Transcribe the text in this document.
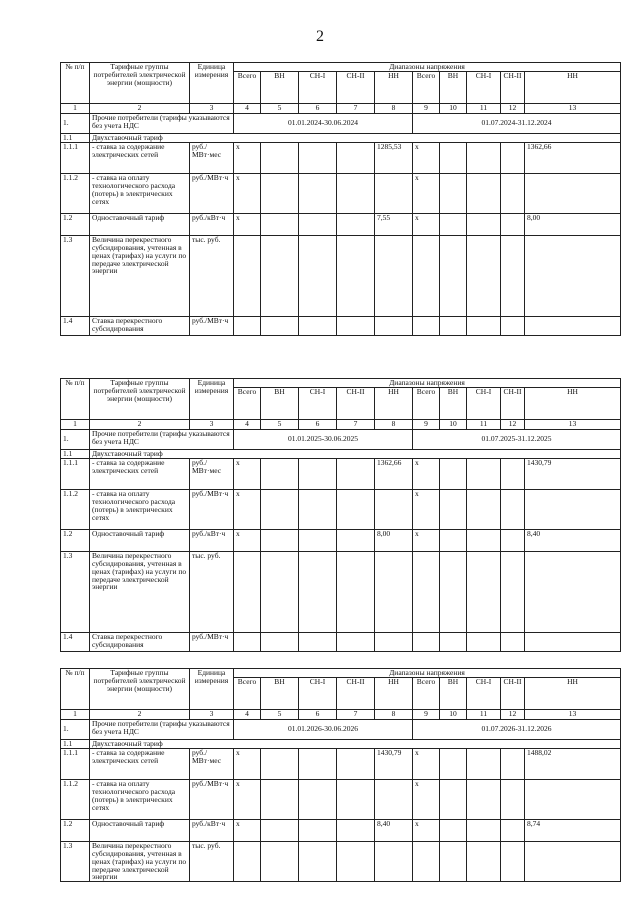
2
№ п/п	Тарифные группы потребителей электрической энергии (мощности)	Единица измерения	Диапазоны напряжения									
			Всего	ВН	СН-I	СН-II	НН	Всего	ВН	СН-I	СН-II	НН
1	2	3	4	5	6	7	8	9	10	11	12	13
1.	Прочие потребители (тарифы указываются без учета НДС		01.01.2024-30.06.2024					01.07.2024-31.12.2024				
1.1	Двухставочный тариф											
1.1.1	- ставка за содержание электрических сетей	руб./МВт·мес	x				1285,53	x				1362,66
1.1.2	- ставка на оплату технологического расхода (потерь) в электрических сетях	руб./МВт·ч	x					x				
1.2	Одноставочный тариф	руб./кВт·ч	x				7,55	x				8,00
1.3	Величина перекрестного субсидирования, учтенная в ценах (тарифах) на услуги по передаче электрической энергии	тыс. руб.										
1.4	Ставка перекрестного субсидирования	руб./МВт·ч										
№ п/п	Тарифные группы потребителей электрической энергии (мощности)	Единица измерения	Диапазоны напряжения									
			Всего	ВН	СН-I	СН-II	НН	Всего	ВН	СН-I	СН-II	НН
1	2	3	4	5	6	7	8	9	10	11	12	13
1.	Прочие потребители (тарифы указываются без учета НДС		01.01.2025-30.06.2025					01.07.2025-31.12.2025				
1.1	Двухставочный тариф											
1.1.1	- ставка за содержание электрических сетей	руб./МВт·мес	x				1362,66	x				1430,79
1.1.2	- ставка на оплату технологического расхода (потерь) в электрических сетях	руб./МВт·ч	x					x				
1.2	Одноставочный тариф	руб./кВт·ч	x				8,00	x				8,40
1.3	Величина перекрестного субсидирования, учтенная в ценах (тарифах) на услуги по передаче электрической энергии	тыс. руб.										
1.4	Ставка перекрестного субсидирования	руб./МВт·ч										
№ п/п	Тарифные группы потребителей электрической энергии (мощности)	Единица измерения	Диапазоны напряжения									
			Всего	ВН	СН-I	СН-II	НН	Всего	ВН	СН-I	СН-II	НН
1	2	3	4	5	6	7	8	9	10	11	12	13
1.	Прочие потребители (тарифы указываются без учета НДС		01.01.2026-30.06.2026					01.07.2026-31.12.2026				
1.1	Двухставочный тариф											
1.1.1	- ставка за содержание электрических сетей	руб./МВт·мес	x				1430,79	x				1488,02
1.1.2	- ставка на оплату технологического расхода (потерь) в электрических сетях	руб./МВт·ч	x					x				
1.2	Одноставочный тариф	руб./кВт·ч	x				8,40	x				8,74
1.3	Величина перекрестного субсидирования, учтенная в ценах (тарифах) на услуги по передаче электрической энергии	тыс. руб.										
